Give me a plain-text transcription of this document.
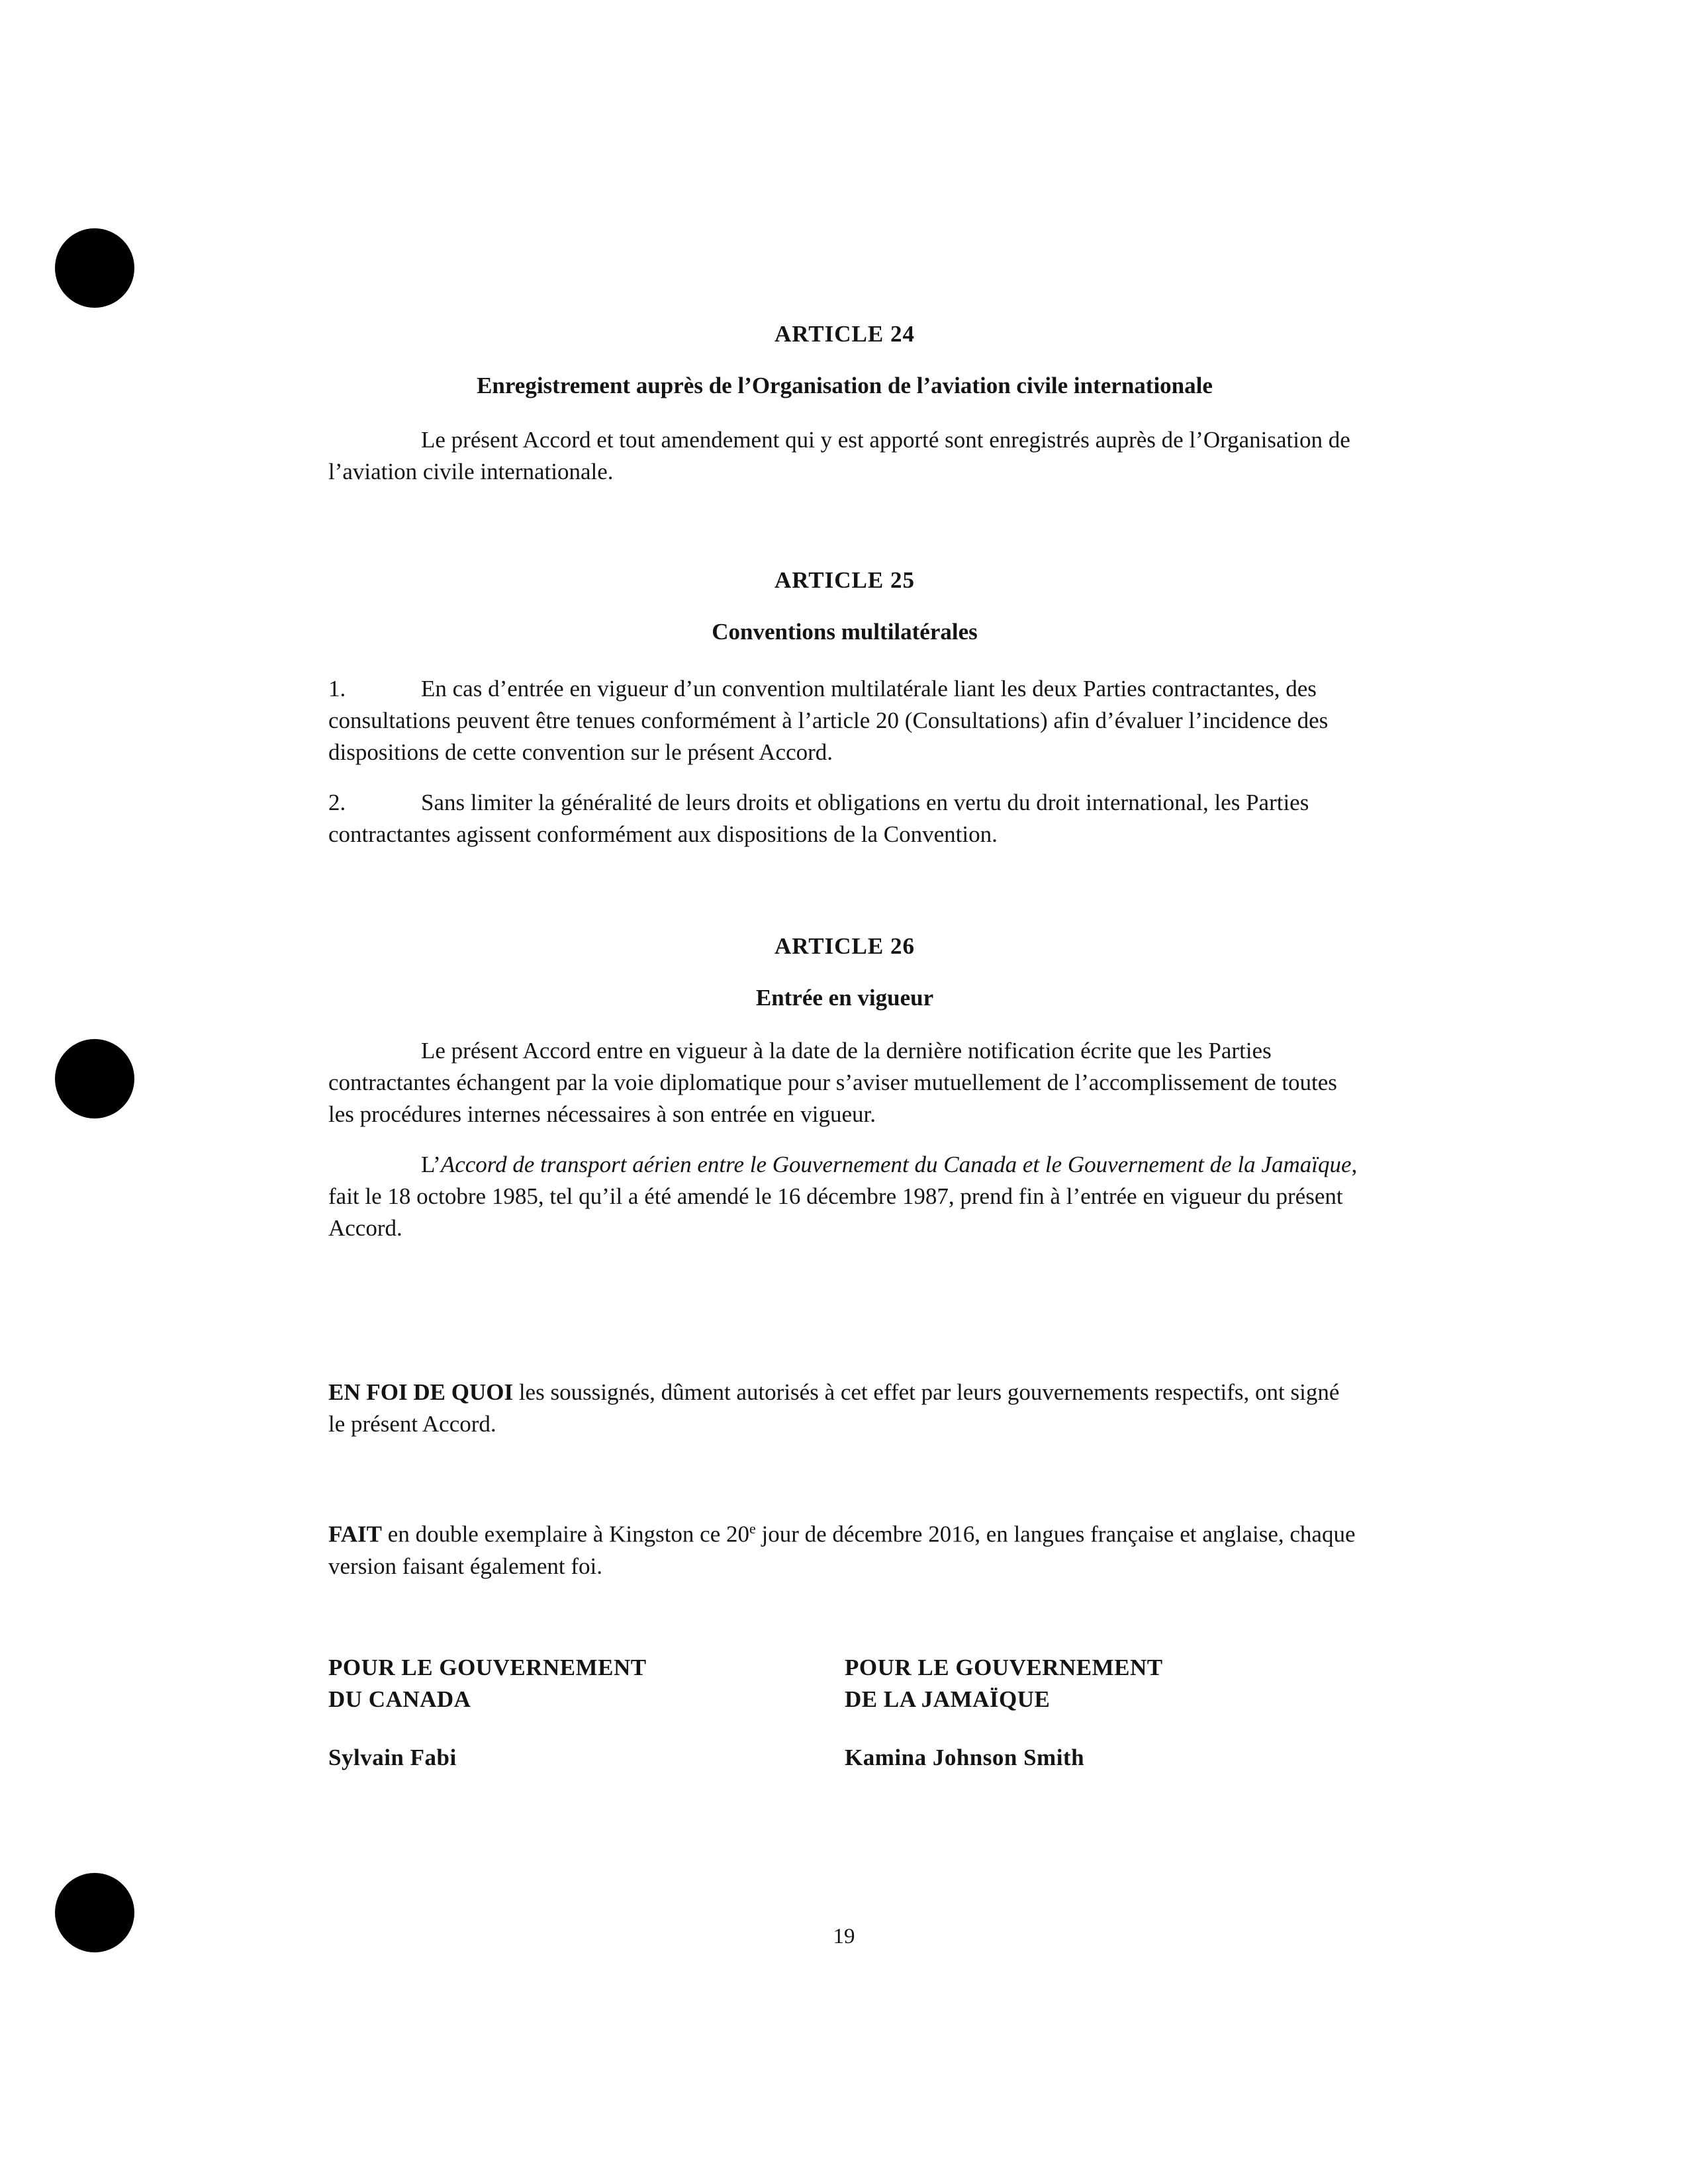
ARTICLE 24
Enregistrement auprès de l’Organisation de l’aviation civile internationale

Le présent Accord et tout amendement qui y est apporté sont enregistrés auprès de l’Organisation de l’aviation civile internationale.

ARTICLE 25
Conventions multilatérales

1.	En cas d’entrée en vigueur d’un convention multilatérale liant les deux Parties contractantes, des consultations peuvent être tenues conformément à l’article 20 (Consultations) afin d’évaluer l’incidence des dispositions de cette convention sur le présent Accord.

2.	Sans limiter la généralité de leurs droits et obligations en vertu du droit international, les Parties contractantes agissent conformément aux dispositions de la Convention.

ARTICLE 26
Entrée en vigueur

Le présent Accord entre en vigueur à la date de la dernière notification écrite que les Parties contractantes échangent par la voie diplomatique pour s’aviser mutuellement de l’accomplissement de toutes les procédures internes nécessaires à son entrée en vigueur.

L’Accord de transport aérien entre le Gouvernement du Canada et le Gouvernement de la Jamaïque, fait le 18 octobre 1985, tel qu’il a été amendé le 16 décembre 1987, prend fin à l’entrée en vigueur du présent Accord.

EN FOI DE QUOI les soussignés, dûment autorisés à cet effet par leurs gouvernements respectifs, ont signé le présent Accord.

FAIT en double exemplaire à Kingston ce 20e jour de décembre 2016, en langues française et anglaise, chaque version faisant également foi.

POUR LE GOUVERNEMENT
DU CANADA
Sylvain Fabi
POUR LE GOUVERNEMENT
DE LA JAMAÏQUE
Kamina Johnson Smith
19
